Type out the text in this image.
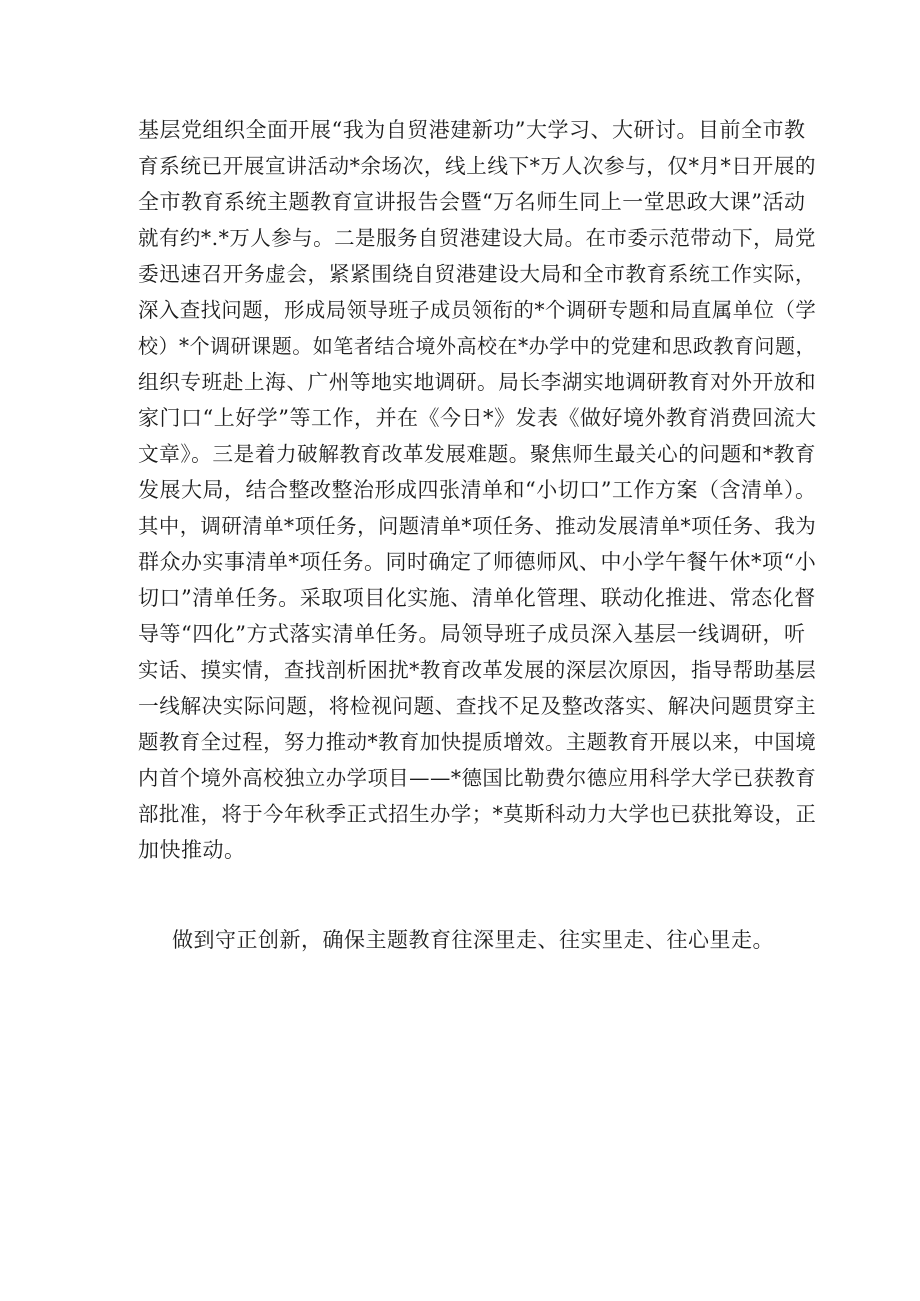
基层党组织全面开展“我为自贸港建新功”大学习、大研讨。目前全市教
育系统已开展宣讲活动*余场次，线上线下*万人次参与，仅*月*日开展的
全市教育系统主题教育宣讲报告会暨“万名师生同上一堂思政大课”活动
就有约*.*万人参与。二是服务自贸港建设大局。在市委示范带动下，局党
委迅速召开务虚会，紧紧围绕自贸港建设大局和全市教育系统工作实际，
深入查找问题，形成局领导班子成员领衔的*个调研专题和局直属单位（学
校）*个调研课题。如笔者结合境外高校在*办学中的党建和思政教育问题，
组织专班赴上海、广州等地实地调研。局长李湖实地调研教育对外开放和
家门口“上好学”等工作，并在《今日*》发表《做好境外教育消费回流大
文章》。三是着力破解教育改革发展难题。聚焦师生最关心的问题和*教育
发展大局，结合整改整治形成四张清单和“小切口”工作方案（含清单）。
其中，调研清单*项任务，问题清单*项任务、推动发展清单*项任务、我为
群众办实事清单*项任务。同时确定了师德师风、中小学午餐午休*项“小
切口”清单任务。采取项目化实施、清单化管理、联动化推进、常态化督
导等“四化”方式落实清单任务。局领导班子成员深入基层一线调研，听
实话、摸实情，查找剖析困扰*教育改革发展的深层次原因，指导帮助基层
一线解决实际问题，将检视问题、查找不足及整改落实、解决问题贯穿主
题教育全过程，努力推动*教育加快提质增效。主题教育开展以来，中国境
内首个境外高校独立办学项目——*德国比勒费尔德应用科学大学已获教育
部批准，将于今年秋季正式招生办学；*莫斯科动力大学也已获批筹设，正
加快推动。
做到守正创新，确保主题教育往深里走、往实里走、往心里走。
